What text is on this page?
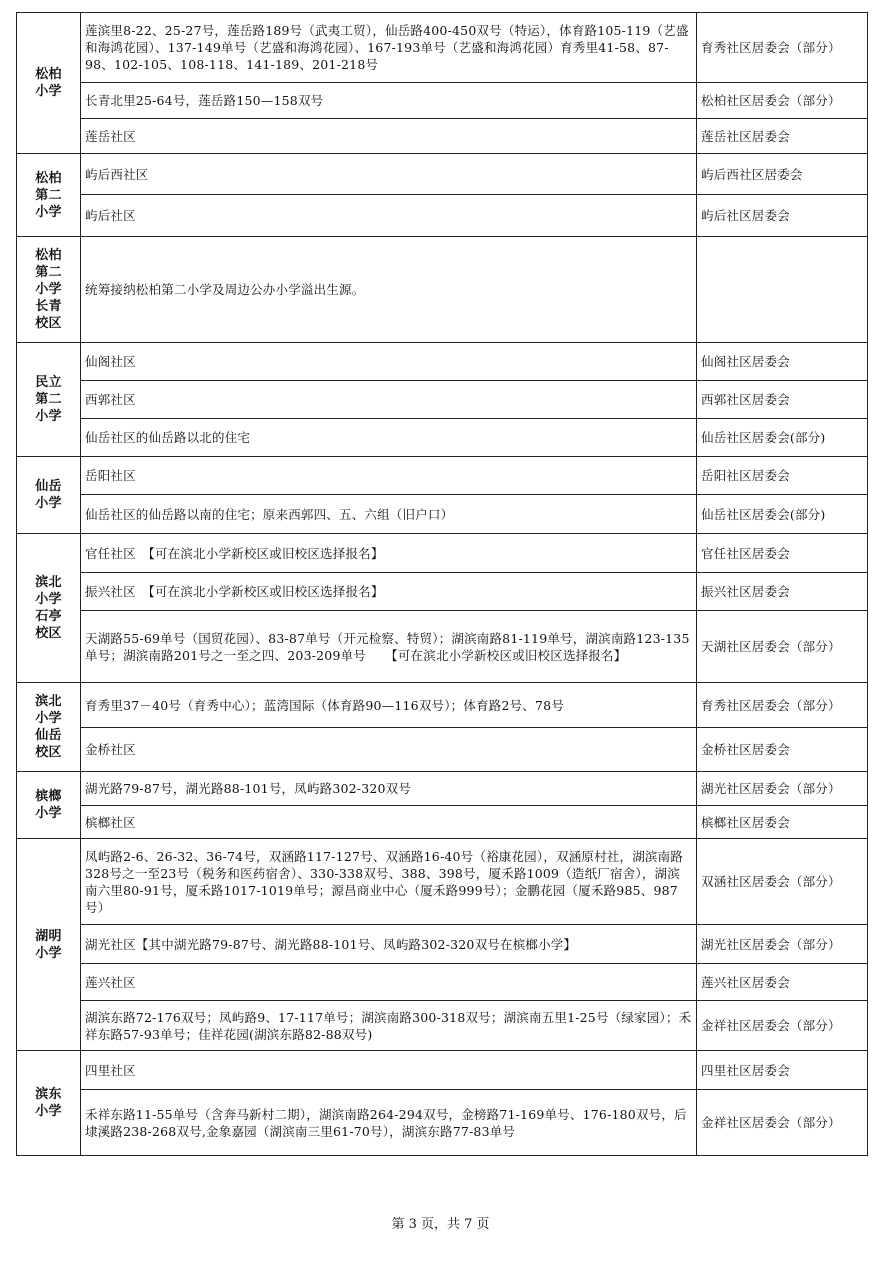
松柏小学	莲滨里8-22、25-27号，莲岳路189号（武夷工贸），仙岳路400-450双号（特运），体育路105-119（艺盛和海鸿花园）、137-149单号（艺盛和海鸿花园）、167-193单号（艺盛和海鸿花园）育秀里41-58、87-98、102-105、108-118、141-189、201-218号	育秀社区居委会（部分）
	长青北里25-64号，莲岳路150—158双号	松柏社区居委会（部分）
	莲岳社区	莲岳社区居委会
松柏第二小学	屿后西社区	屿后西社区居委会
	屿后社区	屿后社区居委会
松柏第二小学长青校区	统筹接纳松柏第二小学及周边公办小学溢出生源。	
民立第二小学	仙阁社区	仙阁社区居委会
	西郭社区	西郭社区居委会
	仙岳社区的仙岳路以北的住宅	仙岳社区居委会(部分)
仙岳小学	岳阳社区	岳阳社区居委会
	仙岳社区的仙岳路以南的住宅；原来西郭四、五、六组（旧户口）	仙岳社区居委会(部分)
滨北小学石亭校区	官任社区　【可在滨北小学新校区或旧校区选择报名】	官任社区居委会
	振兴社区　【可在滨北小学新校区或旧校区选择报名】	振兴社区居委会
	天湖路55-69单号（国贸花园）、83-87单号（开元检察、特贸）；湖滨南路81-119单号，湖滨南路123-135单号；湖滨南路201号之一至之四、203-209单号　　【可在滨北小学新校区或旧校区选择报名】	天湖社区居委会（部分）
滨北小学仙岳校区	育秀里37－40号（育秀中心）；蓝湾国际（体育路90—116双号）；体育路2号、78号	育秀社区居委会（部分）
	金桥社区	金桥社区居委会
槟榔小学	湖光路79-87号，湖光路88-101号，凤屿路302-320双号	湖光社区居委会（部分）
	槟榔社区	槟榔社区居委会
湖明小学	凤屿路2-6、26-32、36-74号，双涵路117-127号、双涵路16-40号（裕康花园），双涵原村社，湖滨南路328号之一至23号（税务和医药宿舍）、330-338双号、388、398号，厦禾路1009（造纸厂宿舍），湖滨南六里80-91号，厦禾路1017-1019单号；源昌商业中心（厦禾路999号）；金鹏花园（厦禾路985、987号）	双涵社区居委会（部分）
	湖光社区【其中湖光路79-87号、湖光路88-101号、凤屿路302-320双号在槟榔小学】	湖光社区居委会（部分）
	莲兴社区	莲兴社区居委会
	湖滨东路72-176双号；凤屿路9、17-117单号；湖滨南路300-318双号；湖滨南五里1-25号（绿家园）；禾祥东路57-93单号；佳祥花园(湖滨东路82-88双号)	金祥社区居委会（部分）
滨东小学	四里社区	四里社区居委会
	禾祥东路11-55单号（含奔马新村二期），湖滨南路264-294双号，金榜路71-169单号、176-180双号，后埭溪路238-268双号,金象嘉园（湖滨南三里61-70号），湖滨东路77-83单号	金祥社区居委会（部分）
第 3 页，共 7 页
